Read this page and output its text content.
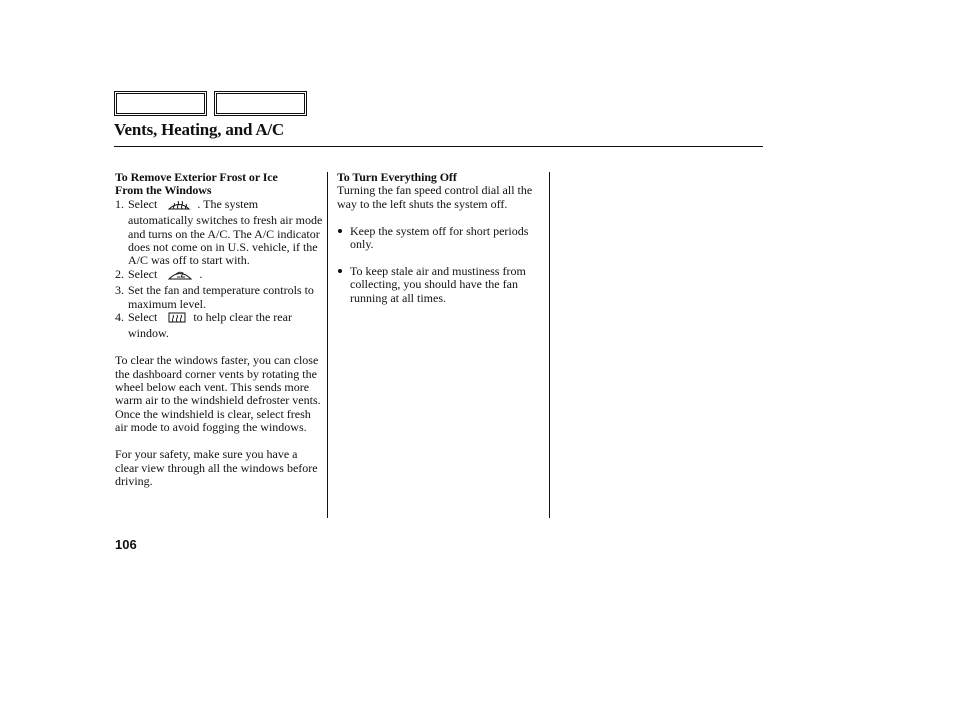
Vents, Heating, and A/C
To Remove Exterior Frost or Ice
From the Windows
1. Select	. The system automatically switches to fresh air mode and turns on the A/C. The A/C indicator does not come on in U.S. vehicle, if the A/C was off to start with.
2. Select	.
3. Set the fan and temperature controls to maximum level.
4. Select	to help clear the rear window.

To clear the windows faster, you can close the dashboard corner vents by rotating the wheel below each vent. This sends more warm air to the windshield defroster vents. Once the windshield is clear, select fresh air mode to avoid fogging the windows.

For your safety, make sure you have a clear view through all the windows before driving.

To Turn Everything Off

Turning the fan speed control dial all the way to the left shuts the system off.

Keep the system off for short periods only.
To keep stale air and mustiness from collecting, you should have the fan running at all times.
106
